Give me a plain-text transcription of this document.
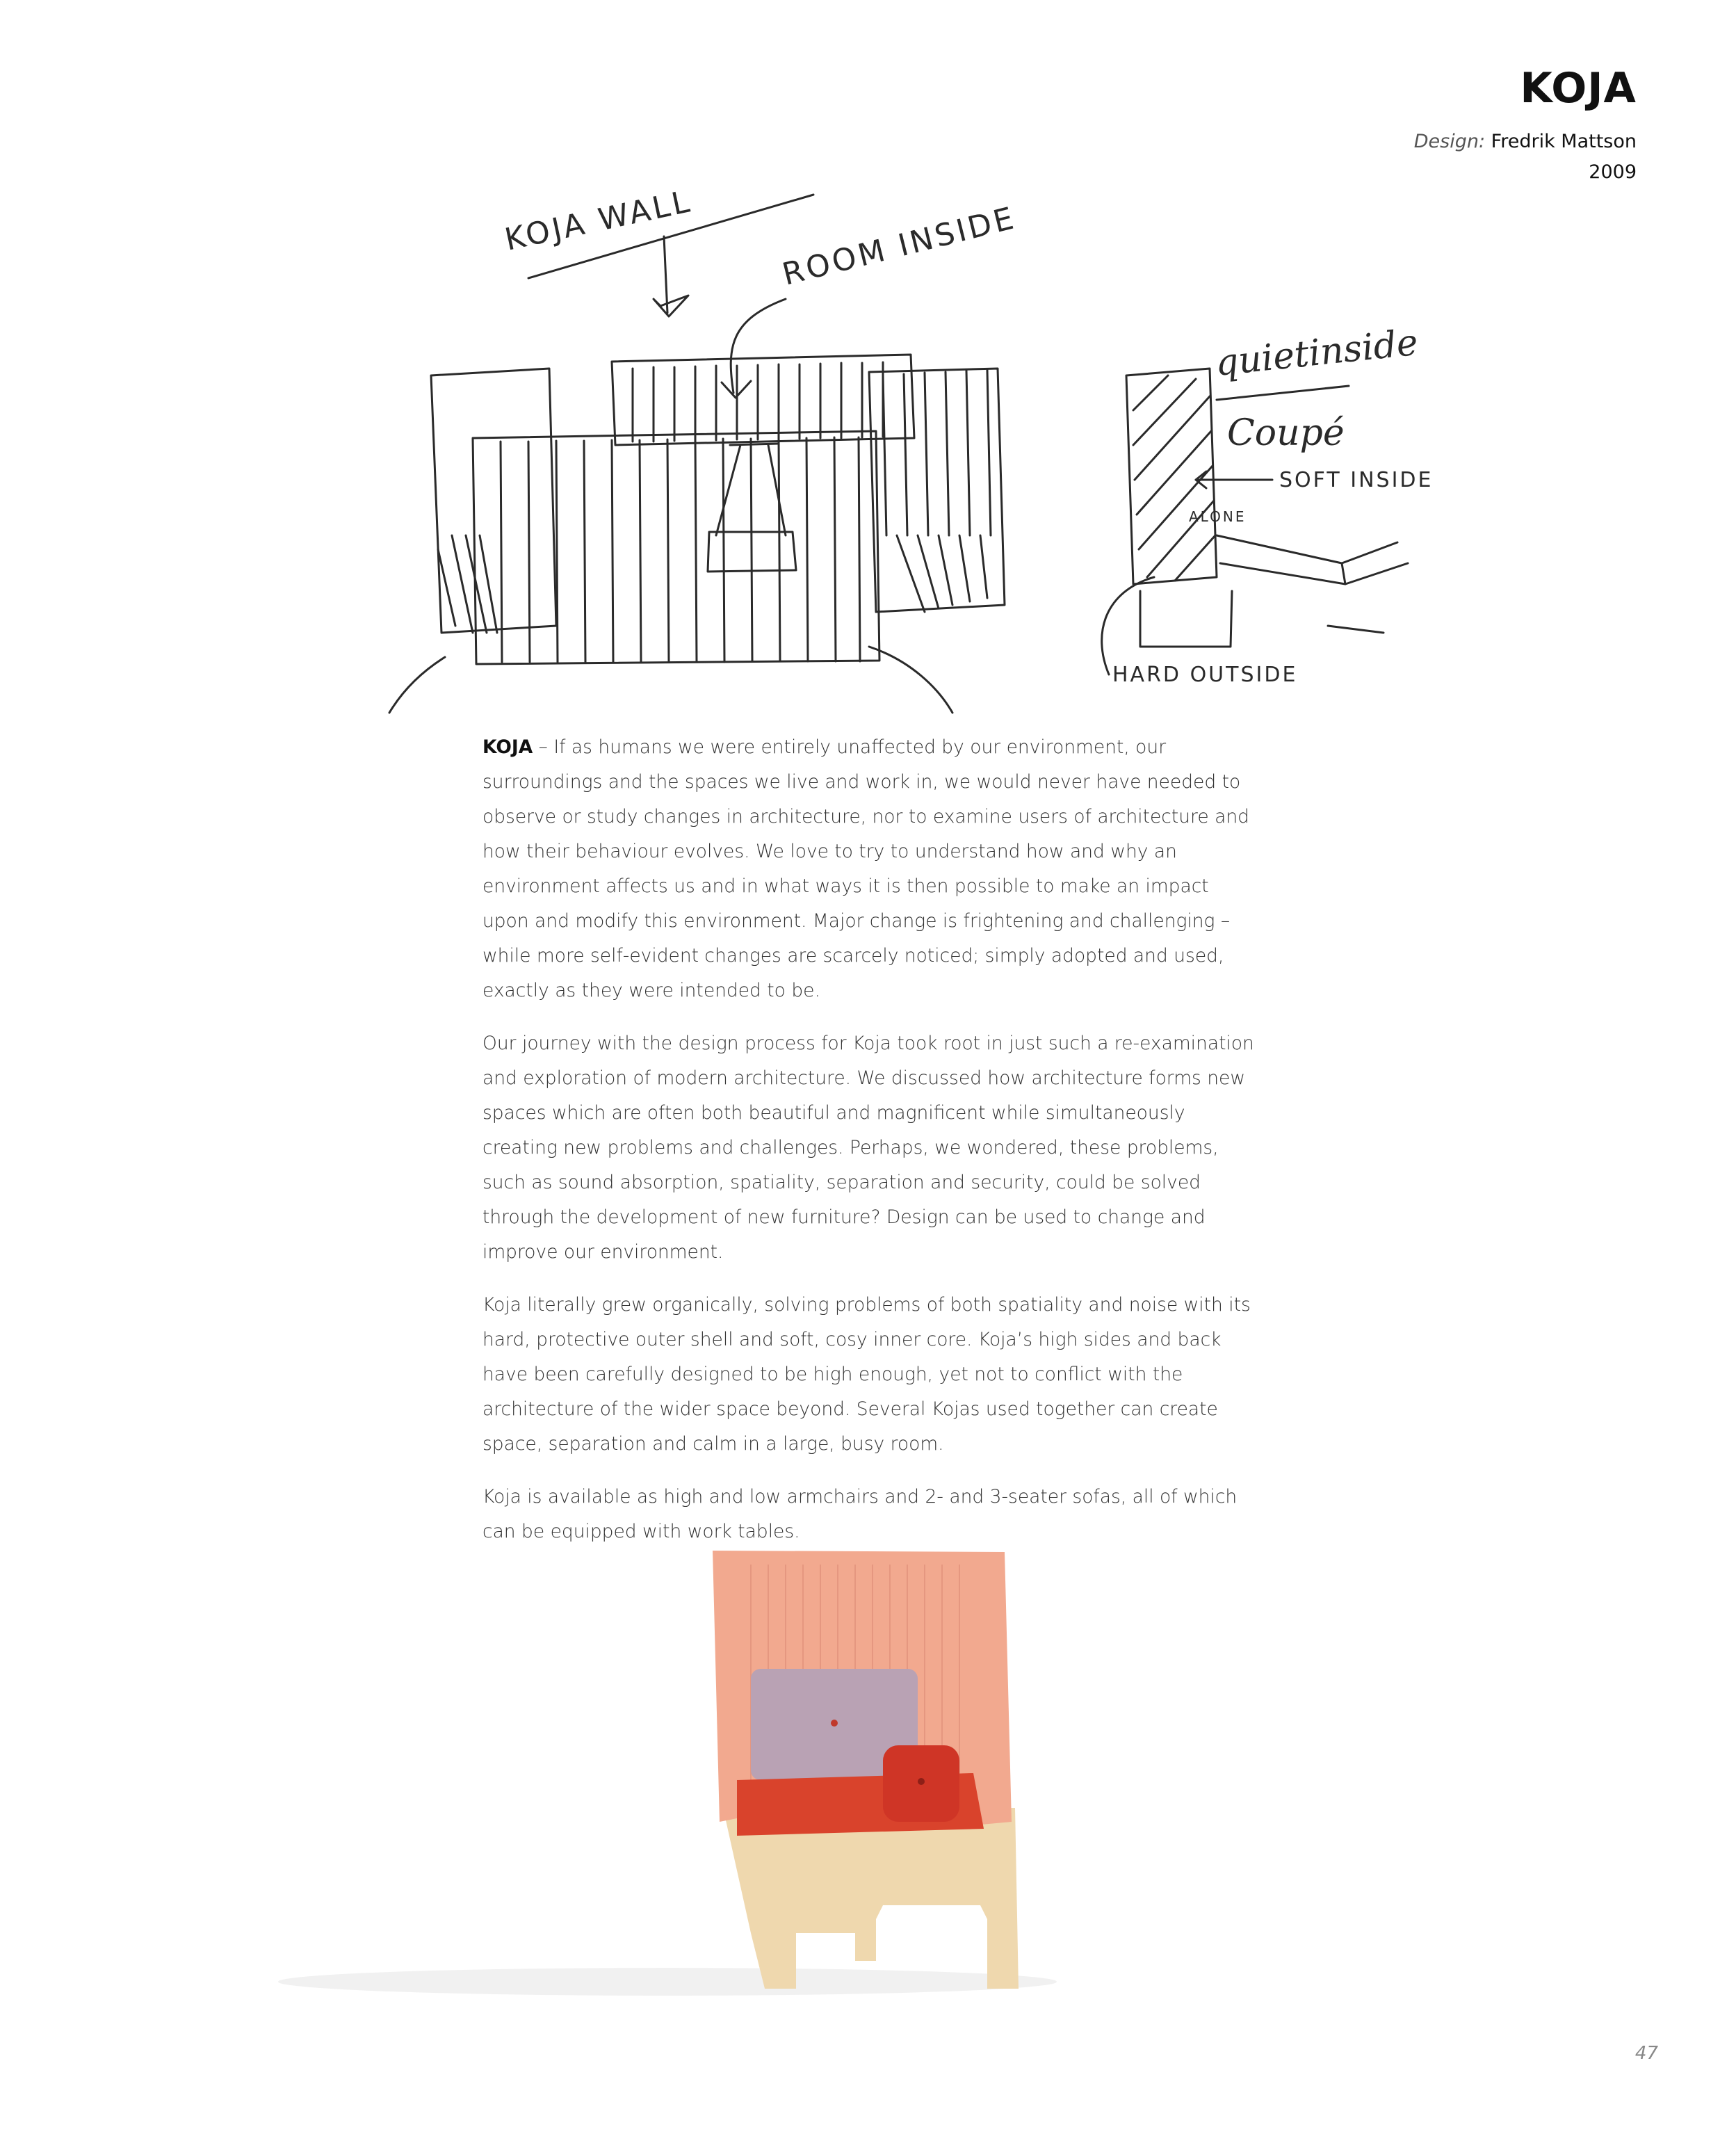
KOJA
Design: Fredrik Mattson
2009
KOJA WALL	ROOM INSIDE
quietinside
Coupé
SOFT INSIDE
ALONE
HARD OUTSIDE

KOJA – If as humans we were entirely unaffected by our environment, our surroundings and the spaces we live and work in, we would never have needed to observe or study changes in architecture, nor to examine users of architecture and how their behaviour evolves. We love to try to understand how and why an environment affects us and in what ways it is then possible to make an impact upon and modify this environment. Major change is frightening and challenging – while more self-evident changes are scarcely noticed; simply adopted and used, exactly as they were intended to be.

Our journey with the design process for Koja took root in just such a re-examination and exploration of modern architecture. We discussed how architecture forms new spaces which are often both beautiful and magnificent while simultaneously creating new problems and challenges. Perhaps, we wondered, these problems, such as sound absorption, spatiality, separation and security, could be solved through the development of new furniture? Design can be used to change and improve our environment.

Koja literally grew organically, solving problems of both spatiality and noise with its hard, protective outer shell and soft, cosy inner core. Koja’s high sides and back have been carefully designed to be high enough, yet not to conflict with the architecture of the wider space beyond. Several Kojas used together can create space, separation and calm in a large, busy room.

Koja is available as high and low armchairs and 2- and 3-seater sofas, all of which can be equipped with work tables.

47
